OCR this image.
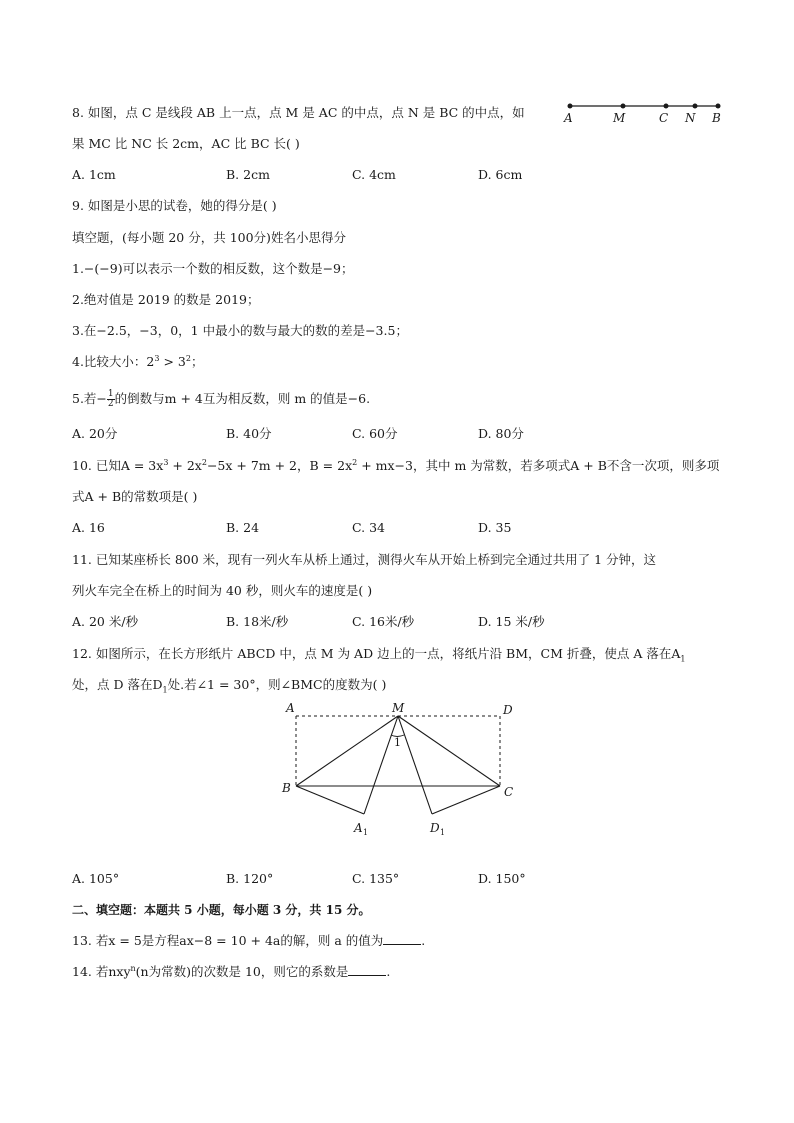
8. 如图，点 C 是线段 AB 上一点，点 M 是 AC 的中点，点 N 是 BC 的中点，如
果 MC 比 NC 长 2cm，AC 比 BC 长( )
A	M	C N B
A. 1cm	B. 2cm	C. 4cm	D. 6cm
9. 如图是小思的试卷，她的得分是( )
填空题，(每小题 20 分，共 100分)姓名小思得分
1.−(−9)可以表示一个数的相反数，这个数是−9；
2.绝对值是 2019 的数是 2019；
3.在−2.5，−3，0，1 中最小的数与最大的数的差是−3.5；
4.比较大小：$2^3 > 3^2$；
5.若− $\frac{1}{2}$ 的倒数与m + 4互为相反数，则 m 的值是−6.
A. 20分	B. 40分	C. 60分	D. 80分
10. 已知$A = 3x^3 + 2x^2-5x + 7m + 2$，$B = 2x^2 + mx-3$，其中 m 为常数，若多项式A + B不含一次项，则多项
式A + B的常数项是( )
A. 16	B. 24	C. 34	D. 35
11. 已知某座桥长 800 米，现有一列火车从桥上通过，测得火车从开始上桥到完全通过共用了 1 分钟，这
列火车完全在桥上的时间为 40 秒，则火车的速度是( )
A. 20 米/秒	B. 18米/秒	C. 16米/秒	D. 15 米/秒
12. 如图所示，在长方形纸片 ABCD 中，点 M 为 AD 边上的一点，将纸片沿 BM，CM 折叠，使点 A 落在$A_1$
处，点 D 落在$D_1$处.若∠1 = 30°，则∠BMC的度数为( )
A	M	D
B	C
1
A 1	D 1
A. 105°	B. 120°	C. 135°	D. 150°
二、填空题：本题共 5 小题，每小题 3 分，共 15 分。
13. 若x = 5是方程ax−8 = 10 + 4a的解，则 a 的值为	.
14. 若nxy$^n$(n为常数)的次数是 10，则它的系数是	.
